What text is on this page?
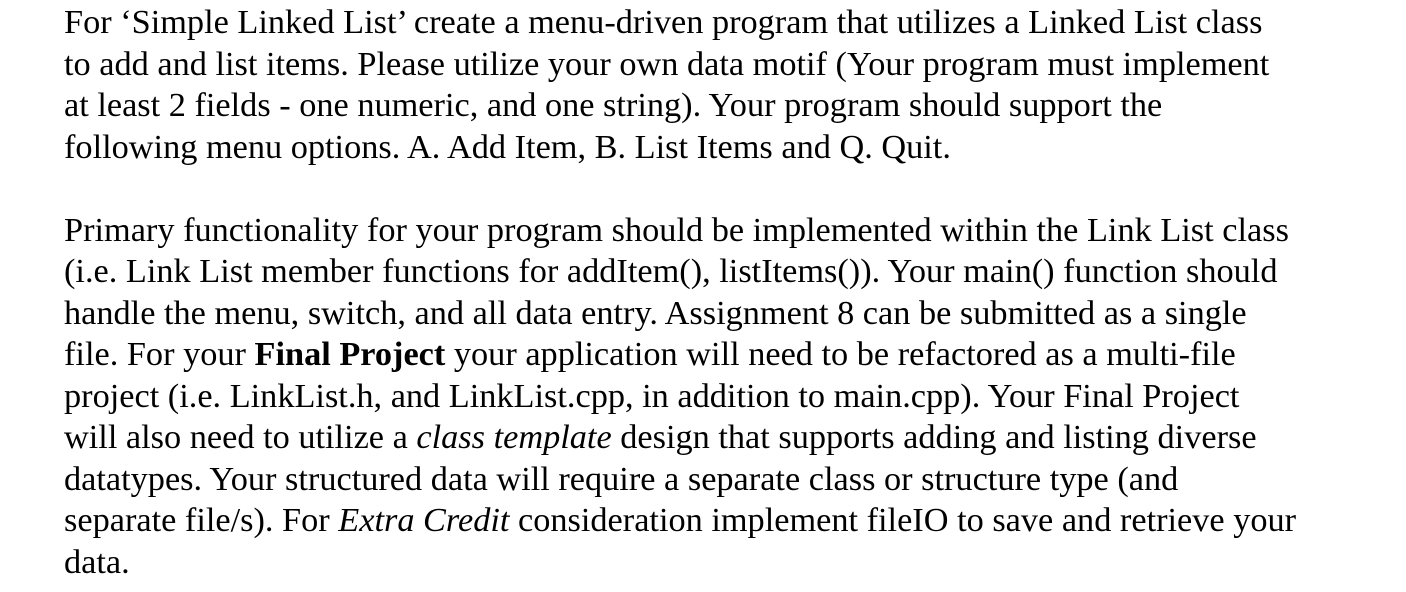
For ‘Simple Linked List’ create a menu-driven program that utilizes a Linked List class
to add and list items. Please utilize your own data motif (Your program must implement
at least 2 fields - one numeric, and one string). Your program should support the
following menu options. A. Add Item, B. List Items and Q. Quit.
Primary functionality for your program should be implemented within the Link List class
(i.e. Link List member functions for addItem(), listItems()). Your main() function should
handle the menu, switch, and all data entry. Assignment 8 can be submitted as a single
file. For your Final Project your application will need to be refactored as a multi-file
project (i.e. LinkList.h, and LinkList.cpp, in addition to main.cpp). Your Final Project
will also need to utilize a class template design that supports adding and listing diverse
datatypes. Your structured data will require a separate class or structure type (and
separate file/s). For Extra Credit consideration implement fileIO to save and retrieve your
data.
